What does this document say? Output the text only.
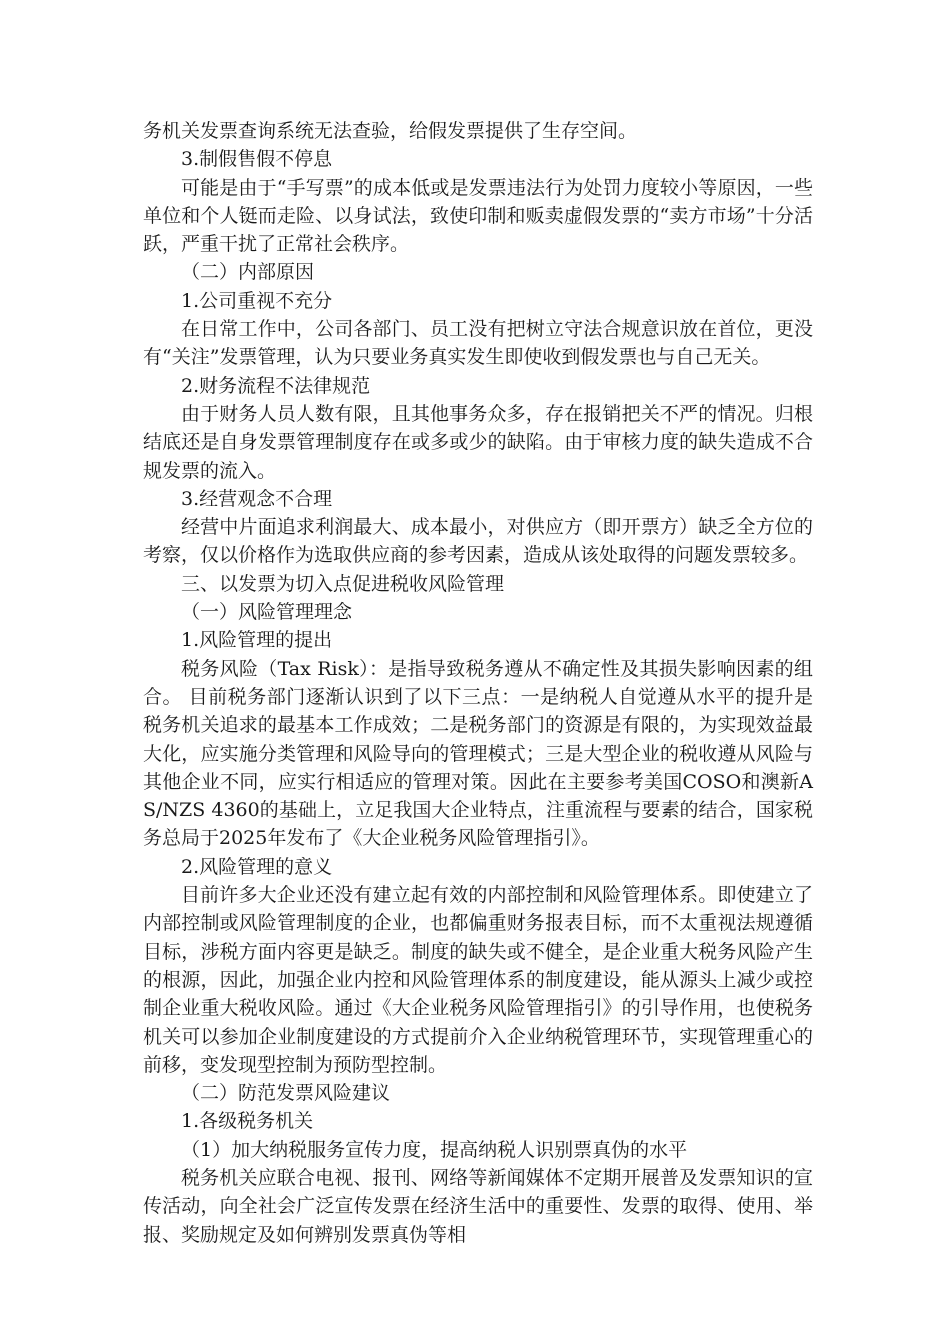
务机关发票查询系统无法查验，给假发票提供了生存空间。

3.制假售假不停息

可能是由于“手写票”的成本低或是发票违法行为处罚力度较小等原因，一些单位和个人铤而走险、以身试法，致使印制和贩卖虚假发票的“卖方市场”十分活跃，严重干扰了正常社会秩序。

（二）内部原因

1.公司重视不充分

在日常工作中，公司各部门、员工没有把树立守法合规意识放在首位，更没有“关注”发票管理，认为只要业务真实发生即使收到假发票也与自己无关。

2.财务流程不法律规范

由于财务人员人数有限，且其他事务众多，存在报销把关不严的情况。归根结底还是自身发票管理制度存在或多或少的缺陷。由于审核力度的缺失造成不合规发票的流入。

3.经营观念不合理

经营中片面追求利润最大、成本最小，对供应方（即开票方）缺乏全方位的考察，仅以价格作为选取供应商的参考因素，造成从该处取得的问题发票较多。

三、以发票为切入点促进税收风险管理

（一）风险管理理念

1.风险管理的提出

税务风险（Tax Risk）：是指导致税务遵从不确定性及其损失影响因素的组合。 目前税务部门逐渐认识到了以下三点：一是纳税人自觉遵从水平的提升是税务机关追求的最基本工作成效；二是税务部门的资源是有限的，为实现效益最大化，应实施分类管理和风险导向的管理模式；三是大型企业的税收遵从风险与其他企业不同，应实行相适应的管理对策。因此在主要参考美国COSO和澳新AS/NZS 4360的基础上，立足我国大企业特点，注重流程与要素的结合，国家税务总局于2025年发布了《大企业税务风险管理指引》。

2.风险管理的意义

目前许多大企业还没有建立起有效的内部控制和风险管理体系。即使建立了内部控制或风险管理制度的企业，也都偏重财务报表目标，而不太重视法规遵循目标，涉税方面内容更是缺乏。制度的缺失或不健全，是企业重大税务风险产生的根源，因此，加强企业内控和风险管理体系的制度建设，能从源头上减少或控制企业重大税收风险。通过《大企业税务风险管理指引》的引导作用，也使税务机关可以参加企业制度建设的方式提前介入企业纳税管理环节，实现管理重心的前移，变发现型控制为预防型控制。

（二）防范发票风险建议

1.各级税务机关

（1）加大纳税服务宣传力度，提高纳税人识别票真伪的水平

税务机关应联合电视、报刊、网络等新闻媒体不定期开展普及发票知识的宣传活动，向全社会广泛宣传发票在经济生活中的重要性、发票的取得、使用、举报、奖励规定及如何辨别发票真伪等相
